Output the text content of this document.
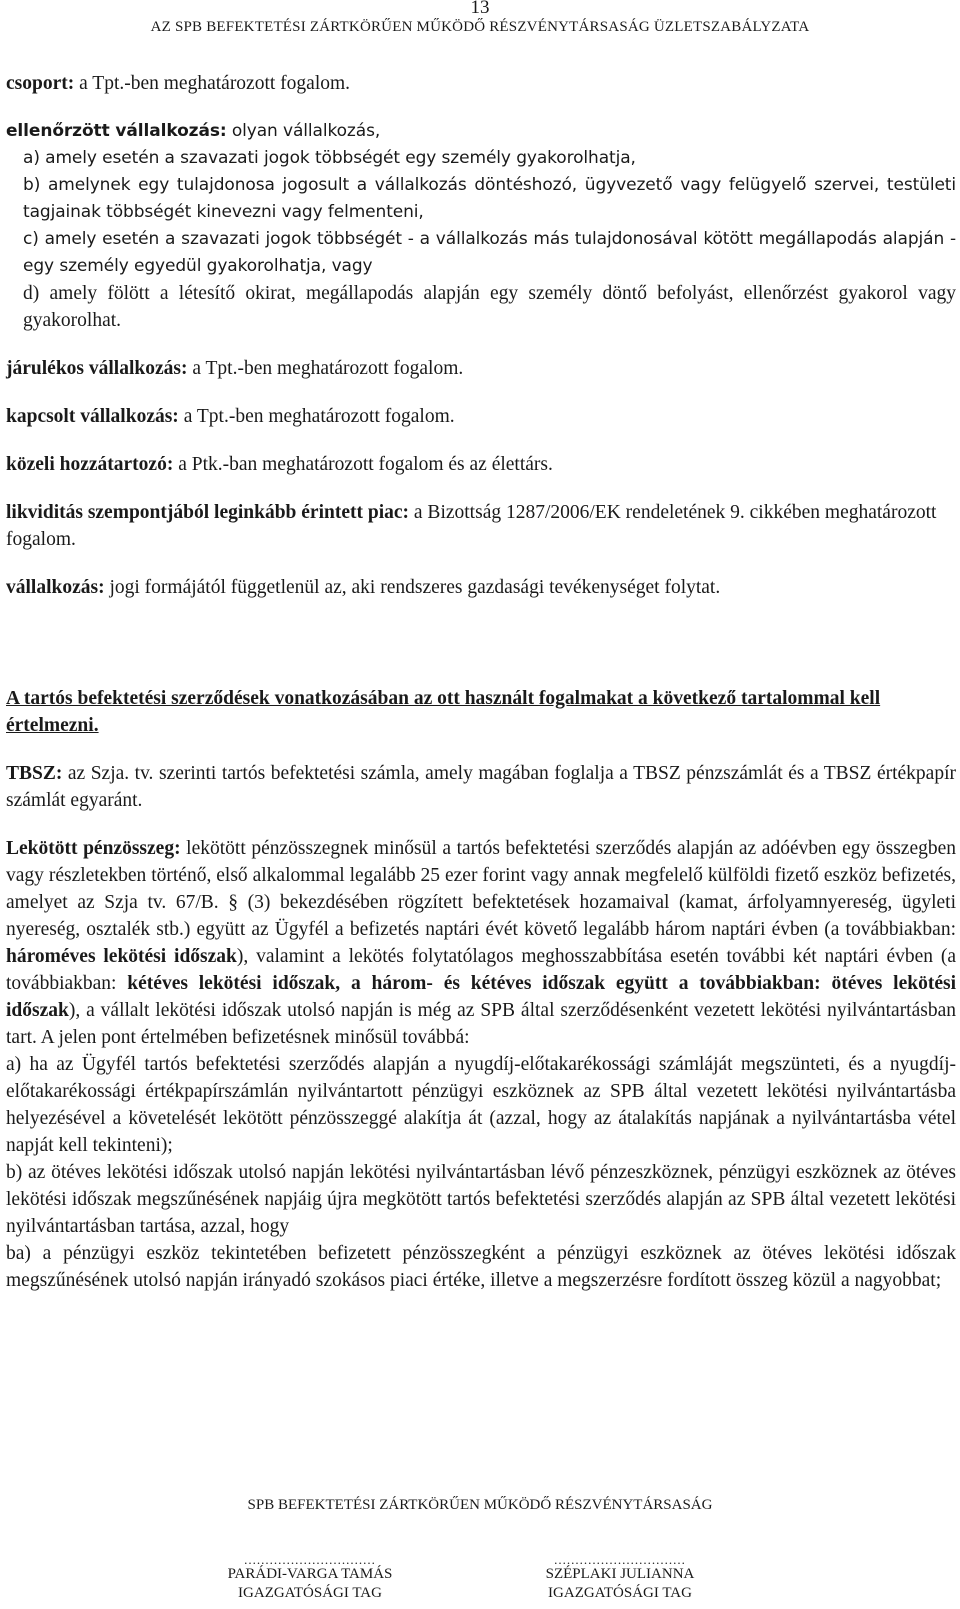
13
AZ SPB BEFEKTETÉSI ZÁRTKÖRŰEN MŰKÖDŐ RÉSZVÉNYTÁRSASÁG ÜZLETSZABÁLYZATA

csoport: a Tpt.-ben meghatározott fogalom.

ellenőrzött vállalkozás: olyan vállalkozás,

a) amely esetén a szavazati jogok többségét egy személy gyakorolhatja,

b) amelynek egy tulajdonosa jogosult a vállalkozás döntéshozó, ügyvezető vagy felügyelő szervei, testületi tagjainak többségét kinevezni vagy felmenteni,

c) amely esetén a szavazati jogok többségét - a vállalkozás más tulajdonosával kötött megállapodás alapján - egy személy egyedül gyakorolhatja, vagy

d) amely fölött a létesítő okirat, megállapodás alapján egy személy döntő befolyást, ellenőrzést gyakorol vagy gyakorolhat.

járulékos vállalkozás: a Tpt.-ben meghatározott fogalom.

kapcsolt vállalkozás: a Tpt.-ben meghatározott fogalom.

közeli hozzátartozó: a Ptk.-ban meghatározott fogalom és az élettárs.

likviditás szempontjából leginkább érintett piac: a Bizottság 1287/2006/EK rendeletének 9. cikkében meghatározott fogalom.

vállalkozás: jogi formájától függetlenül az, aki rendszeres gazdasági tevékenységet folytat.

A tartós befektetési szerződések vonatkozásában az ott használt fogalmakat a következő tartalommal kell értelmezni.

TBSZ: az Szja. tv. szerinti tartós befektetési számla, amely magában foglalja a TBSZ pénzszámlát és a TBSZ értékpapír számlát egyaránt.

Lekötött pénzösszeg: lekötött pénzösszegnek minősül a tartós befektetési szerződés alapján az adóévben egy összegben vagy részletekben történő, első alkalommal legalább 25 ezer forint vagy annak megfelelő külföldi fizető eszköz befizetés, amelyet az Szja tv. 67/B. § (3) bekezdésében rögzített befektetések hozamaival (kamat, árfolyamnyereség, ügyleti nyereség, osztalék stb.) együtt az Ügyfél a befizetés naptári évét követő legalább három naptári évben (a továbbiakban: hároméves lekötési időszak), valamint a lekötés folytatólagos meghosszabbítása esetén további két naptári évben (a továbbiakban: kétéves lekötési időszak, a három- és kétéves időszak együtt a továbbiakban: ötéves lekötési időszak), a vállalt lekötési időszak utolsó napján is még az SPB által szerződésenként vezetett lekötési nyilvántartásban tart. A jelen pont értelmében befizetésnek minősül továbbá:

a) ha az Ügyfél tartós befektetési szerződés alapján a nyugdíj-előtakarékossági számláját megszünteti, és a nyugdíj-előtakarékossági értékpapírszámlán nyilvántartott pénzügyi eszköznek az SPB által vezetett lekötési nyilvántartásba helyezésével a követelését lekötött pénzösszeggé alakítja át (azzal, hogy az átalakítás napjának a nyilvántartásba vétel napját kell tekinteni);

b) az ötéves lekötési időszak utolsó napján lekötési nyilvántartásban lévő pénzeszköznek, pénzügyi eszköznek az ötéves lekötési időszak megszűnésének napjáig újra megkötött tartós befektetési szerződés alapján az SPB által vezetett lekötési nyilvántartásban tartása, azzal, hogy

ba) a pénzügyi eszköz tekintetében befizetett pénzösszegként a pénzügyi eszköznek az ötéves lekötési időszak megszűnésének utolsó napján irányadó szokásos piaci értéke, illetve a megszerzésre fordított összeg közül a nagyobbat;

SPB BEFEKTETÉSI ZÁRTKÖRŰEN MŰKÖDŐ RÉSZVÉNYTÁRSASÁG
...............................
PARÁDI-VARGA TAMÁS
IGAZGATÓSÁGI TAG
...............................
SZÉPLAKI JULIANNA
IGAZGATÓSÁGI TAG
